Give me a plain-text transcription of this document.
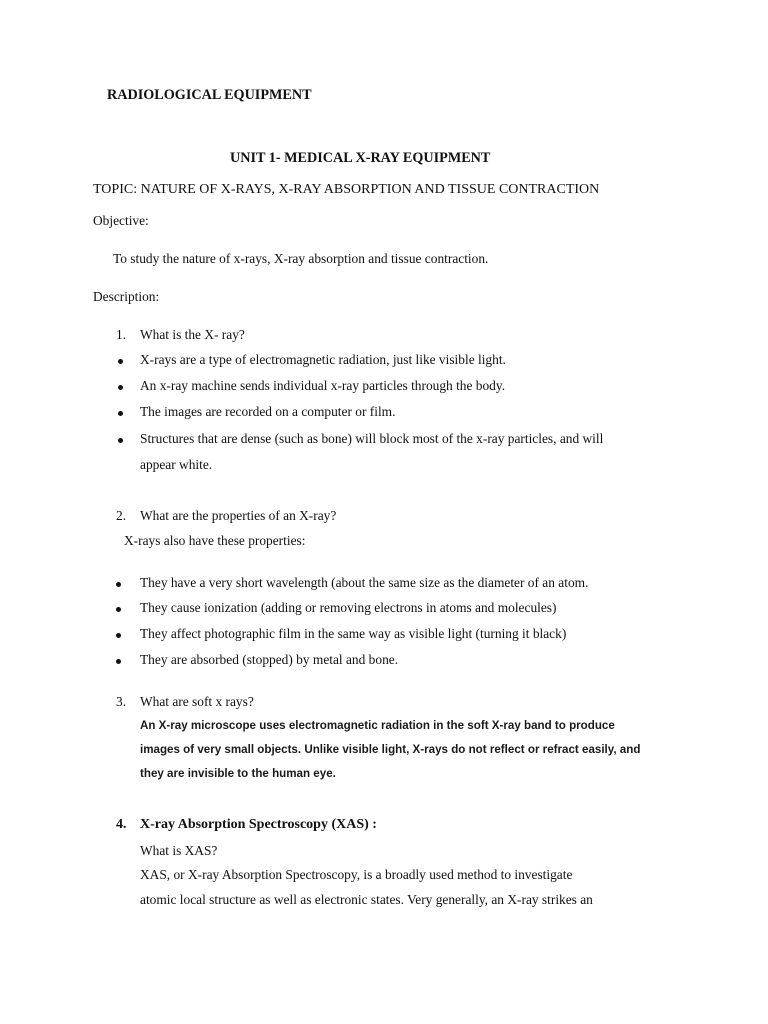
RADIOLOGICAL EQUIPMENT
UNIT 1- MEDICAL X-RAY EQUIPMENT
TOPIC: NATURE OF X-RAYS, X-RAY ABSORPTION AND TISSUE CONTRACTION
Objective:
To study the nature of x-rays, X-ray absorption and tissue contraction.
Description:
1. What is the X- ray?
X-rays are a type of electromagnetic radiation, just like visible light.
An x-ray machine sends individual x-ray particles through the body.
The images are recorded on a computer or film.
Structures that are dense (such as bone) will block most of the x-ray particles, and will
appear white.
2. What are the properties of an X-ray?
X-rays also have these properties:
They have a very short wavelength (about the same size as the diameter of an atom.
They cause ionization (adding or removing electrons in atoms and molecules)
They affect photographic film in the same way as visible light (turning it black)
They are absorbed (stopped) by metal and bone.
3. What are soft x rays?
An X-ray microscope uses electromagnetic radiation in the soft X-ray band to produce
images of very small objects. Unlike visible light, X-rays do not reflect or refract easily, and
they are invisible to the human eye.
4. X-ray Absorption Spectroscopy (XAS) :
What is XAS?
XAS, or X-ray Absorption Spectroscopy, is a broadly used method to investigate
atomic local structure as well as electronic states. Very generally, an X-ray strikes an
